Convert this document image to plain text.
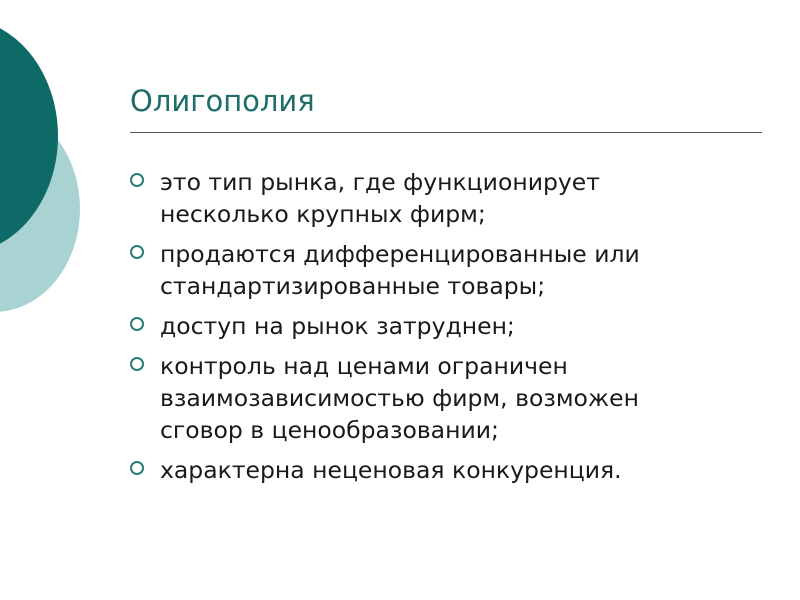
Олигополия
это тип рынка, где функционирует
несколько крупных фирм;
продаются дифференцированные или
стандартизированные товары;
доступ на рынок затруднен;
контроль над ценами ограничен
взаимозависимостью фирм, возможен
сговор в ценообразовании;
характерна неценовая конкуренция.
